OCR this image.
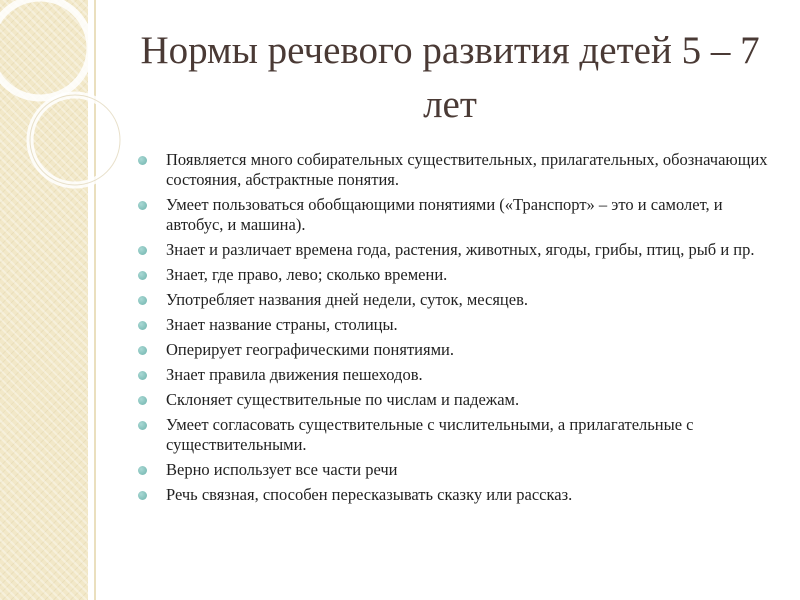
Нормы речевого развития детей 5 – 7 лет
Появляется много собирательных существительных, прилагательных, обозначающих состояния, абстрактные понятия.
Умеет пользоваться обобщающими понятиями («Транспорт» – это и самолет, и автобус, и машина).
Знает и различает времена года, растения, животных, ягоды, грибы, птиц, рыб и пр.
Знает, где право, лево; сколько времени.
Употребляет названия дней недели, суток, месяцев.
Знает название страны, столицы.
Оперирует географическими понятиями.
Знает правила движения пешеходов.
Склоняет существительные по числам и падежам.
Умеет согласовать существительные с числительными, а прилагательные с существительными.
Верно использует все части речи
Речь связная, способен пересказывать сказку или рассказ.
